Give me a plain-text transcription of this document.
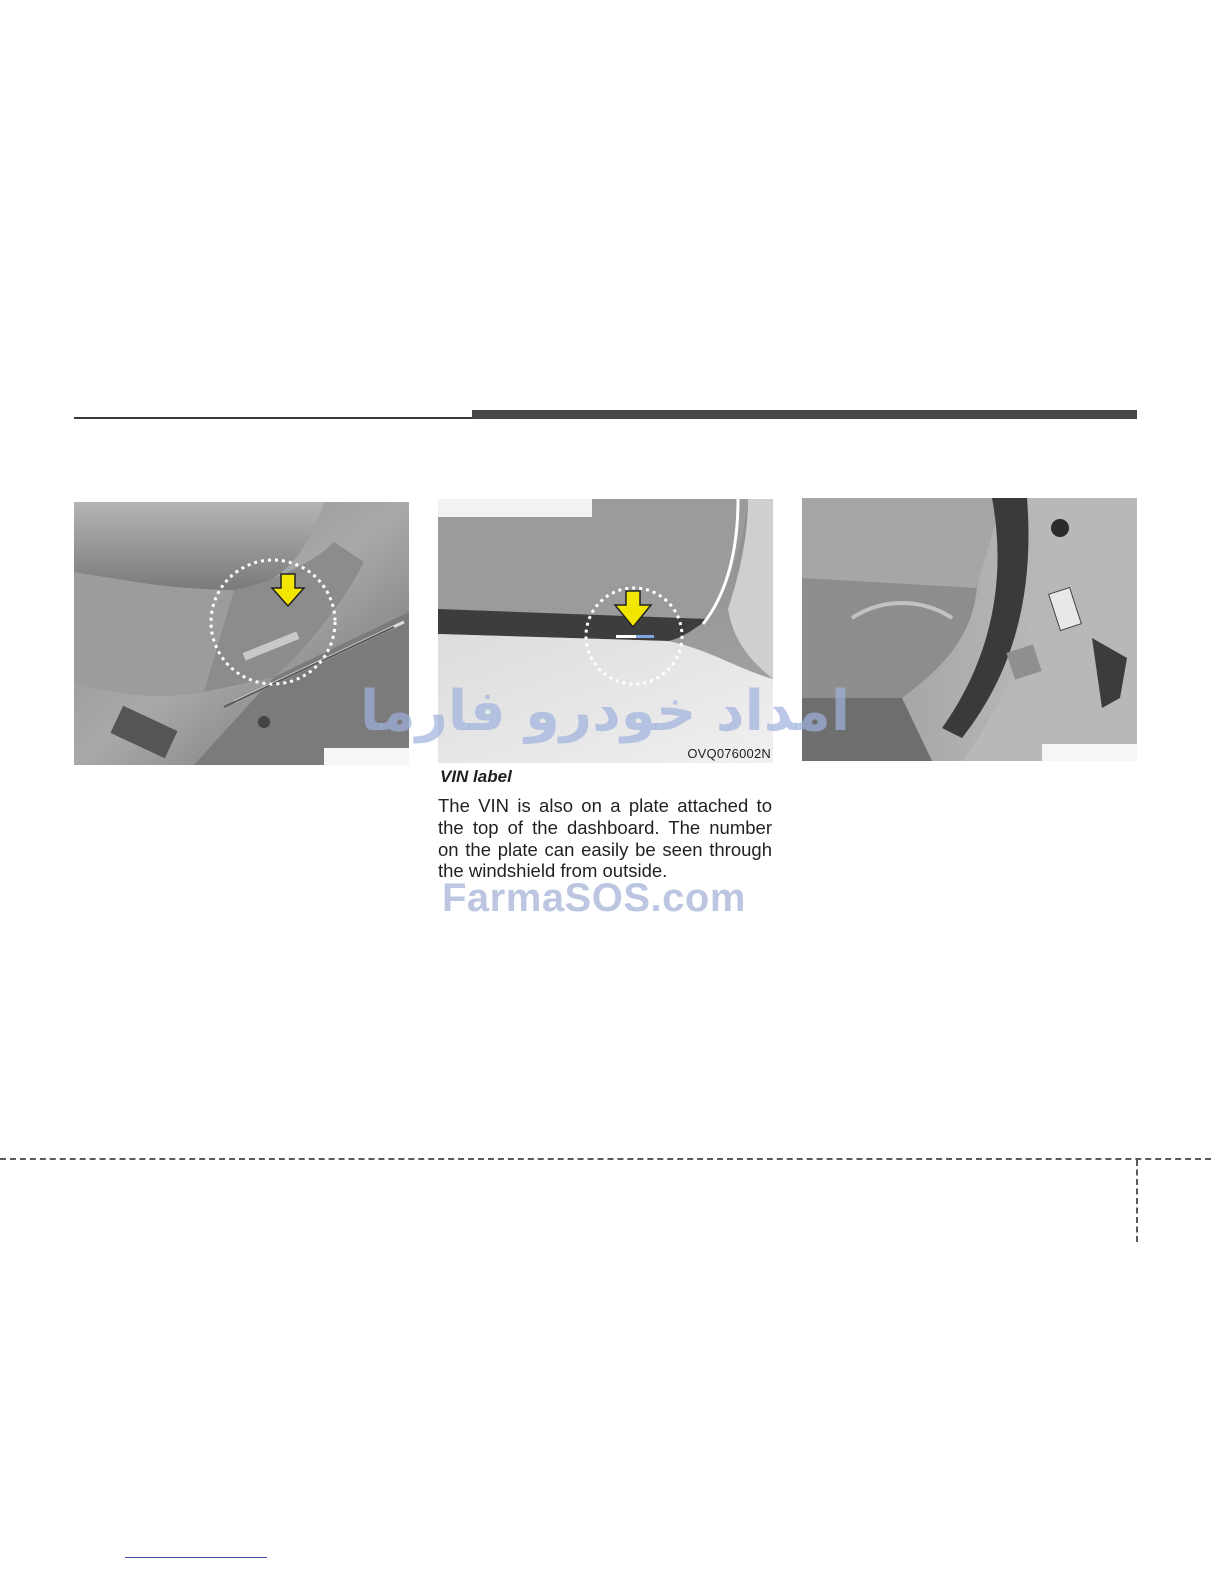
OVQ076002N
امداد خودرو فارما
VIN label
The VIN is also on a plate attached to the top of the dashboard. The number on the plate can easily be seen through the windshield from outside.
FarmaSOS.com
